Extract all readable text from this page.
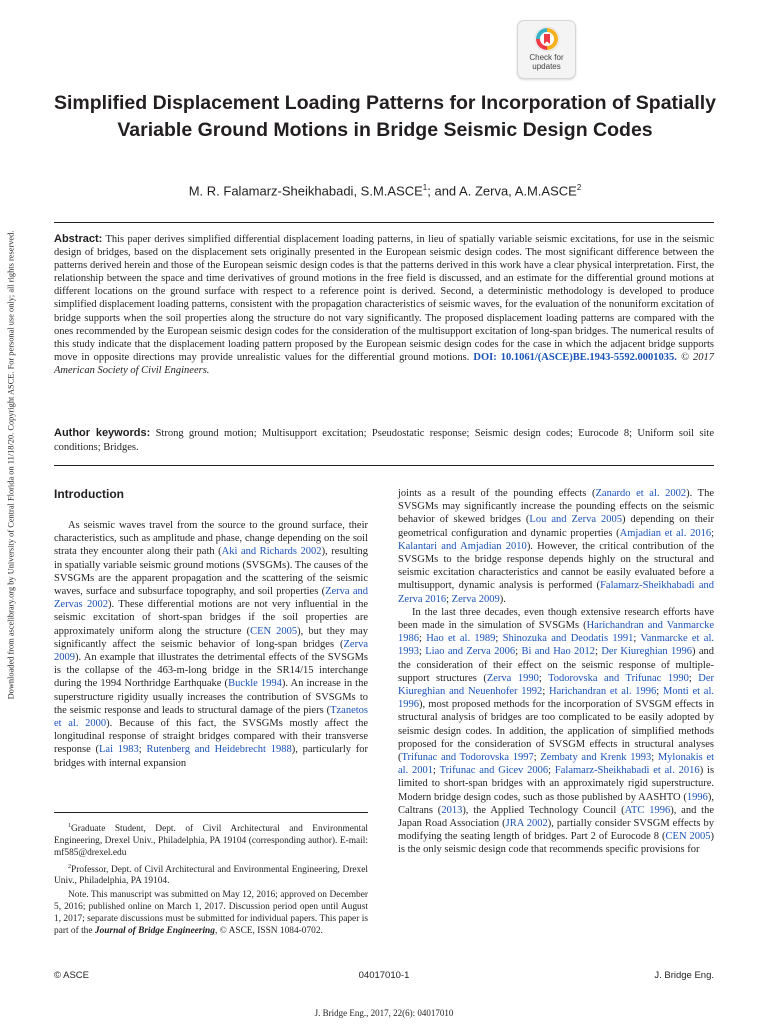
Check for updates
Simplified Displacement Loading Patterns for Incorporation of Spatially Variable Ground Motions in Bridge Seismic Design Codes
M. R. Falamarz-Sheikhabadi, S.M.ASCE$^1$; and A. Zerva, A.M.ASCE$^2$
Downloaded from ascelibrary.org by University of Central Florida on 11/18/20. Copyright ASCE. For personal use only; all rights reserved.	Abstract: This paper derives simplified differential displacement loading patterns, in lieu of spatially variable seismic excitations, for use in the seismic design of bridges, based on the displacement sets originally presented in the European seismic design codes. The most significant difference between the patterns derived herein and those of the European seismic design codes is that the patterns derived in this work have a clear physical interpretation. First, the relationship between the space and time derivatives of ground motions in the free field is discussed, and an estimate for the differential ground motions at different locations on the ground surface with respect to a reference point is derived. Second, a deterministic methodology is developed to produce simplified displacement loading patterns, consistent with the propagation characteristics of seismic waves, for the evaluation of the nonuniform excitation of bridge supports when the soil properties along the structure do not vary significantly. The proposed displacement loading patterns are compared with the ones recommended by the European seismic design codes for the consideration of the multisupport excitation of long-span bridges. The numerical results of this study indicate that the displacement loading pattern proposed by the European seismic design codes for the case in which the adjacent bridge supports move in opposite directions may provide unrealistic values for the differential ground motions. DOI: 10.1061/(ASCE)BE.1943-5592.0001035. © 2017 American Society of Civil Engineers.

Author keywords: Strong ground motion; Multisupport excitation; Pseudostatic response; Seismic design codes; Eurocode 8; Uniform soil site conditions; Bridges.

Introduction

As seismic waves travel from the source to the ground surface, their characteristics, such as amplitude and phase, change depending on the soil strata they encounter along their path (Aki and Richards 2002), resulting in spatially variable seismic ground motions (SVSGMs). The causes of the SVSGMs are the apparent propagation and the scattering of the seismic waves, surface and subsurface topography, and soil properties (Zerva and Zervas 2002). These differential motions are not very influential in the seismic excitation of short-span bridges if the soil properties are approximately uniform along the structure (CEN 2005), but they may significantly affect the seismic behavior of long-span bridges (Zerva 2009). An example that illustrates the detrimental effects of the SVSGMs is the collapse of the 463-m-long bridge in the SR14/15 interchange during the 1994 Northridge Earthquake (Buckle 1994). An increase in the superstructure rigidity usually increases the contribution of SVSGMs to the seismic response and leads to structural damage of the piers (Tzanetos et al. 2000). Because of this fact, the SVSGMs mostly affect the longitudinal response of straight bridges compared with their transverse response (Lai 1983; Rutenberg and Heidebrecht 1988), particularly for bridges with internal expansion

$^1$Graduate Student, Dept. of Civil Architectural and Environmental Engineering, Drexel Univ., Philadelphia, PA 19104 (corresponding author). E-mail: mf585@drexel.edu

$^2$Professor, Dept. of Civil Architectural and Environmental Engineering, Drexel Univ., Philadelphia, PA 19104.

Note. This manuscript was submitted on May 12, 2016; approved on December 5, 2016; published online on March 1, 2017. Discussion period open until August 1, 2017; separate discussions must be submitted for individual papers. This paper is part of the Journal of Bridge Engineering, © ASCE, ISSN 1084-0702.

joints as a result of the pounding effects (Zanardo et al. 2002). The SVSGMs may significantly increase the pounding effects on the seismic behavior of skewed bridges (Lou and Zerva 2005) depending on their geometrical configuration and dynamic properties (Amjadian et al. 2016; Kalantari and Amjadian 2010). However, the critical contribution of the SVSGMs to the bridge response depends highly on the structural and seismic excitation characteristics and cannot be easily evaluated before a multisupport, dynamic analysis is performed (Falamarz-Sheikhabadi and Zerva 2016; Zerva 2009).

In the last three decades, even though extensive research efforts have been made in the simulation of SVSGMs (Harichandran and Vanmarcke 1986; Hao et al. 1989; Shinozuka and Deodatis 1991; Vanmarcke et al. 1993; Liao and Zerva 2006; Bi and Hao 2012; Der Kiureghian 1996) and the consideration of their effect on the seismic response of multiple-support structures (Zerva 1990; Todorovska and Trifunac 1990; Der Kiureghian and Neuenhofer 1992; Harichandran et al. 1996; Monti et al. 1996), most proposed methods for the incorporation of SVSGM effects in structural analysis of bridges are too complicated to be easily adopted by seismic design codes. In addition, the application of simplified methods proposed for the consideration of SVSGM effects in structural analyses (Trifunac and Todorovska 1997; Zembaty and Krenk 1993; Mylonakis et al. 2001; Trifunac and Gicev 2006; Falamarz-Sheikhabadi et al. 2016) is limited to short-span bridges with an approximately rigid superstructure. Modern bridge design codes, such as those published by AASHTO (1996), Caltrans (2013), the Applied Technology Council (ATC 1996), and the Japan Road Association (JRA 2002), partially consider SVSGM effects by modifying the seating length of bridges. Part 2 of Eurocode 8 (CEN 2005) is the only seismic design code that recommends specific provisions for

© ASCE	04017010-1	J. Bridge Eng.
J. Bridge Eng., 2017, 22(6): 04017010
